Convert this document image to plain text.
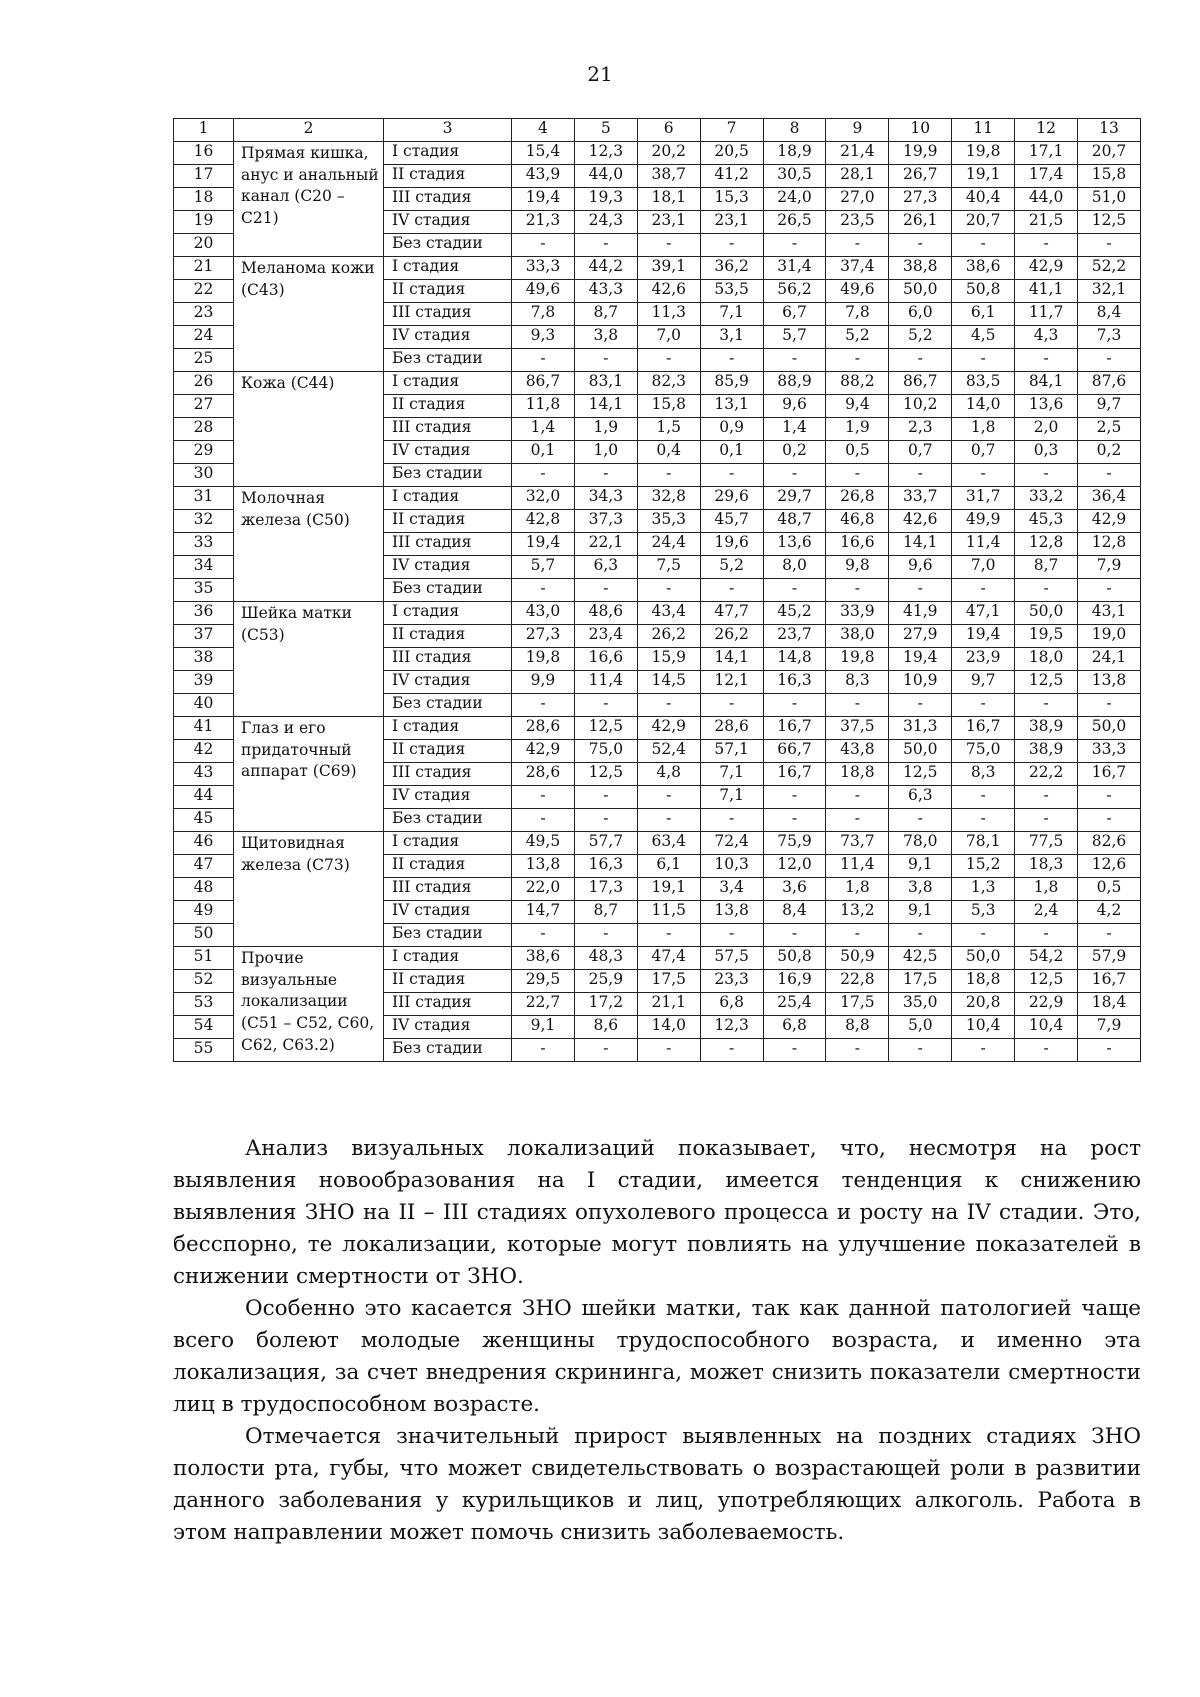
21
1	2	3	4	5	6	7	8	9	10	11	12	13
16	Прямая кишка, анус и анальный канал (С20 – С21)	I стадия	15,4	12,3	20,2	20,5	18,9	21,4	19,9	19,8	17,1	20,7
17		II стадия	43,9	44,0	38,7	41,2	30,5	28,1	26,7	19,1	17,4	15,8
18		III стадия	19,4	19,3	18,1	15,3	24,0	27,0	27,3	40,4	44,0	51,0
19		IV стадия	21,3	24,3	23,1	23,1	26,5	23,5	26,1	20,7	21,5	12,5
20		Без стадии	-	-	-	-	-	-	-	-	-	-
21	Меланома кожи (С43)	I стадия	33,3	44,2	39,1	36,2	31,4	37,4	38,8	38,6	42,9	52,2
22		II стадия	49,6	43,3	42,6	53,5	56,2	49,6	50,0	50,8	41,1	32,1
23		III стадия	7,8	8,7	11,3	7,1	6,7	7,8	6,0	6,1	11,7	8,4
24		IV стадия	9,3	3,8	7,0	3,1	5,7	5,2	5,2	4,5	4,3	7,3
25		Без стадии	-	-	-	-	-	-	-	-	-	-
26	Кожа (С44)	I стадия	86,7	83,1	82,3	85,9	88,9	88,2	86,7	83,5	84,1	87,6
27		II стадия	11,8	14,1	15,8	13,1	9,6	9,4	10,2	14,0	13,6	9,7
28		III стадия	1,4	1,9	1,5	0,9	1,4	1,9	2,3	1,8	2,0	2,5
29		IV стадия	0,1	1,0	0,4	0,1	0,2	0,5	0,7	0,7	0,3	0,2
30		Без стадии	-	-	-	-	-	-	-	-	-	-
31	Молочная железа (С50)	I стадия	32,0	34,3	32,8	29,6	29,7	26,8	33,7	31,7	33,2	36,4
32		II стадия	42,8	37,3	35,3	45,7	48,7	46,8	42,6	49,9	45,3	42,9
33		III стадия	19,4	22,1	24,4	19,6	13,6	16,6	14,1	11,4	12,8	12,8
34		IV стадия	5,7	6,3	7,5	5,2	8,0	9,8	9,6	7,0	8,7	7,9
35		Без стадии	-	-	-	-	-	-	-	-	-	-
36	Шейка матки (С53)	I стадия	43,0	48,6	43,4	47,7	45,2	33,9	41,9	47,1	50,0	43,1
37		II стадия	27,3	23,4	26,2	26,2	23,7	38,0	27,9	19,4	19,5	19,0
38		III стадия	19,8	16,6	15,9	14,1	14,8	19,8	19,4	23,9	18,0	24,1
39		IV стадия	9,9	11,4	14,5	12,1	16,3	8,3	10,9	9,7	12,5	13,8
40		Без стадии	-	-	-	-	-	-	-	-	-	-
41	Глаз и его придаточный аппарат (С69)	I стадия	28,6	12,5	42,9	28,6	16,7	37,5	31,3	16,7	38,9	50,0
42		II стадия	42,9	75,0	52,4	57,1	66,7	43,8	50,0	75,0	38,9	33,3
43		III стадия	28,6	12,5	4,8	7,1	16,7	18,8	12,5	8,3	22,2	16,7
44		IV стадия	-	-	-	7,1	-	-	6,3	-	-	-
45		Без стадии	-	-	-	-	-	-	-	-	-	-
46	Щитовидная железа (С73)	I стадия	49,5	57,7	63,4	72,4	75,9	73,7	78,0	78,1	77,5	82,6
47		II стадия	13,8	16,3	6,1	10,3	12,0	11,4	9,1	15,2	18,3	12,6
48		III стадия	22,0	17,3	19,1	3,4	3,6	1,8	3,8	1,3	1,8	0,5
49		IV стадия	14,7	8,7	11,5	13,8	8,4	13,2	9,1	5,3	2,4	4,2
50		Без стадии	-	-	-	-	-	-	-	-	-	-
51	Прочие визуальные локализации (С51 – С52, С60, С62, С63.2)	I стадия	38,6	48,3	47,4	57,5	50,8	50,9	42,5	50,0	54,2	57,9
52		II стадия	29,5	25,9	17,5	23,3	16,9	22,8	17,5	18,8	12,5	16,7
53		III стадия	22,7	17,2	21,1	6,8	25,4	17,5	35,0	20,8	22,9	18,4
54		IV стадия	9,1	8,6	14,0	12,3	6,8	8,8	5,0	10,4	10,4	7,9
55		Без стадии	-	-	-	-	-	-	-	-	-	-

Анализ визуальных локализаций показывает, что, несмотря на рост выявления новообразования на I стадии, имеется тенденция к снижению выявления ЗНО на II – III стадиях опухолевого процесса и росту на IV стадии. Это, бесспорно, те локализации, которые могут повлиять на улучшение показателей в снижении смертности от ЗНО.

Особенно это касается ЗНО шейки матки, так как данной патологией чаще всего болеют молодые женщины трудоспособного возраста, и именно эта локализация, за счет внедрения скрининга, может снизить показатели смертности лиц в трудоспособном возрасте.

Отмечается значительный прирост выявленных на поздних стадиях ЗНО полости рта, губы, что может свидетельствовать о возрастающей роли в развитии данного заболевания у курильщиков и лиц, употребляющих алкоголь. Работа в этом направлении может помочь снизить заболеваемость.
